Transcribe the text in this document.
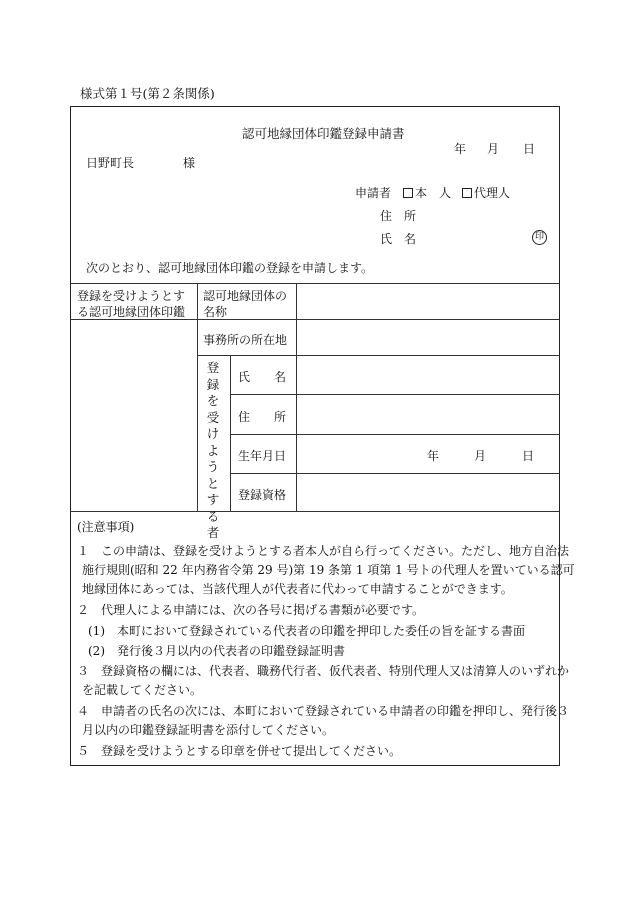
様式第１号(第２条関係)
認可地縁団体印鑑登録申請書
年 月 日
日野町長	様
申請者	本　人	代理人
住　所
氏　名	印
次のとおり、認可地縁団体印鑑の登録を申請します。
登録を受けようとす
る認可地縁団体印鑑
認可地縁団体の
名称
事務所の所在地
登録を受けようとする者
氏　　名
住　　所
生年月日	年	月	日
登録資格
(注意事項)
１　この申請は、登録を受けようとする者本人が自ら行ってください。ただし、地方自治法
施行規則(昭和 22 年内務省令第 29 号)第 19 条第 1 項第 1 号トの代理人を置いている認可
地縁団体にあっては、当該代理人が代表者に代わって申請することができます。
２　代理人による申請には、次の各号に掲げる書類が必要です。
(1)　本町において登録されている代表者の印鑑を押印した委任の旨を証する書面
(2)　発行後３月以内の代表者の印鑑登録証明書
３　登録資格の欄には、代表者、職務代行者、仮代表者、特別代理人又は清算人のいずれか
を記載してください。
４　申請者の氏名の次には、本町において登録されている申請者の印鑑を押印し、発行後３
月以内の印鑑登録証明書を添付してください。
５　登録を受けようとする印章を併せて提出してください。
